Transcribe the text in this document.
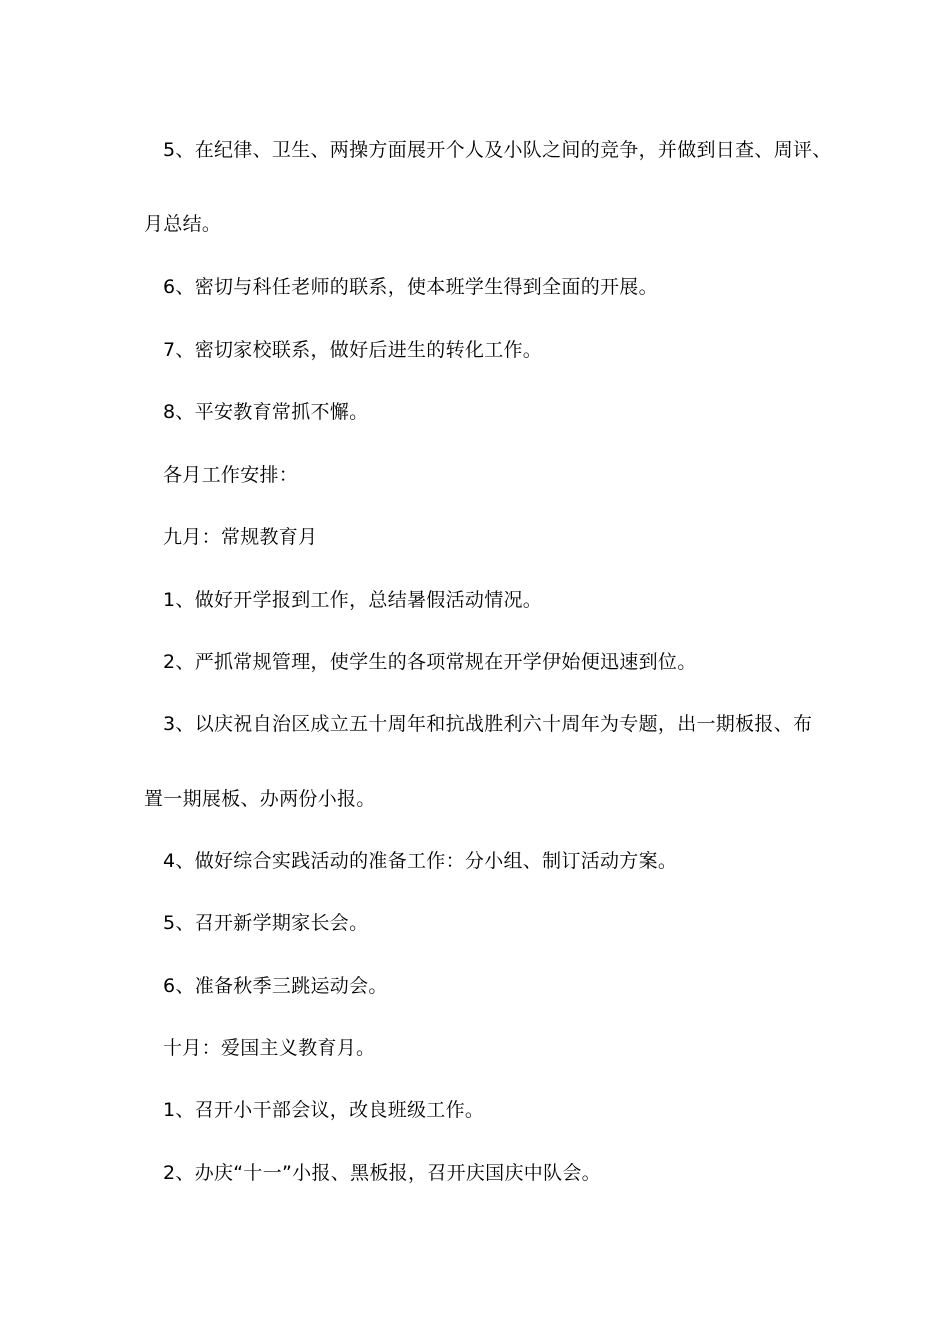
5、在纪律、卫生、两操方面展开个人及小队之间的竞争，并做到日查、周评、
月总结。
6、密切与科任老师的联系，使本班学生得到全面的开展。
7、密切家校联系，做好后进生的转化工作。
8、平安教育常抓不懈。
各月工作安排：
九月：常规教育月
1、做好开学报到工作，总结暑假活动情况。
2、严抓常规管理，使学生的各项常规在开学伊始便迅速到位。
3、以庆祝自治区成立五十周年和抗战胜利六十周年为专题，出一期板报、布
置一期展板、办两份小报。
4、做好综合实践活动的准备工作：分小组、制订活动方案。
5、召开新学期家长会。
6、准备秋季三跳运动会。
十月：爱国主义教育月。
1、召开小干部会议，改良班级工作。
2、办庆“十一”小报、黑板报，召开庆国庆中队会。
